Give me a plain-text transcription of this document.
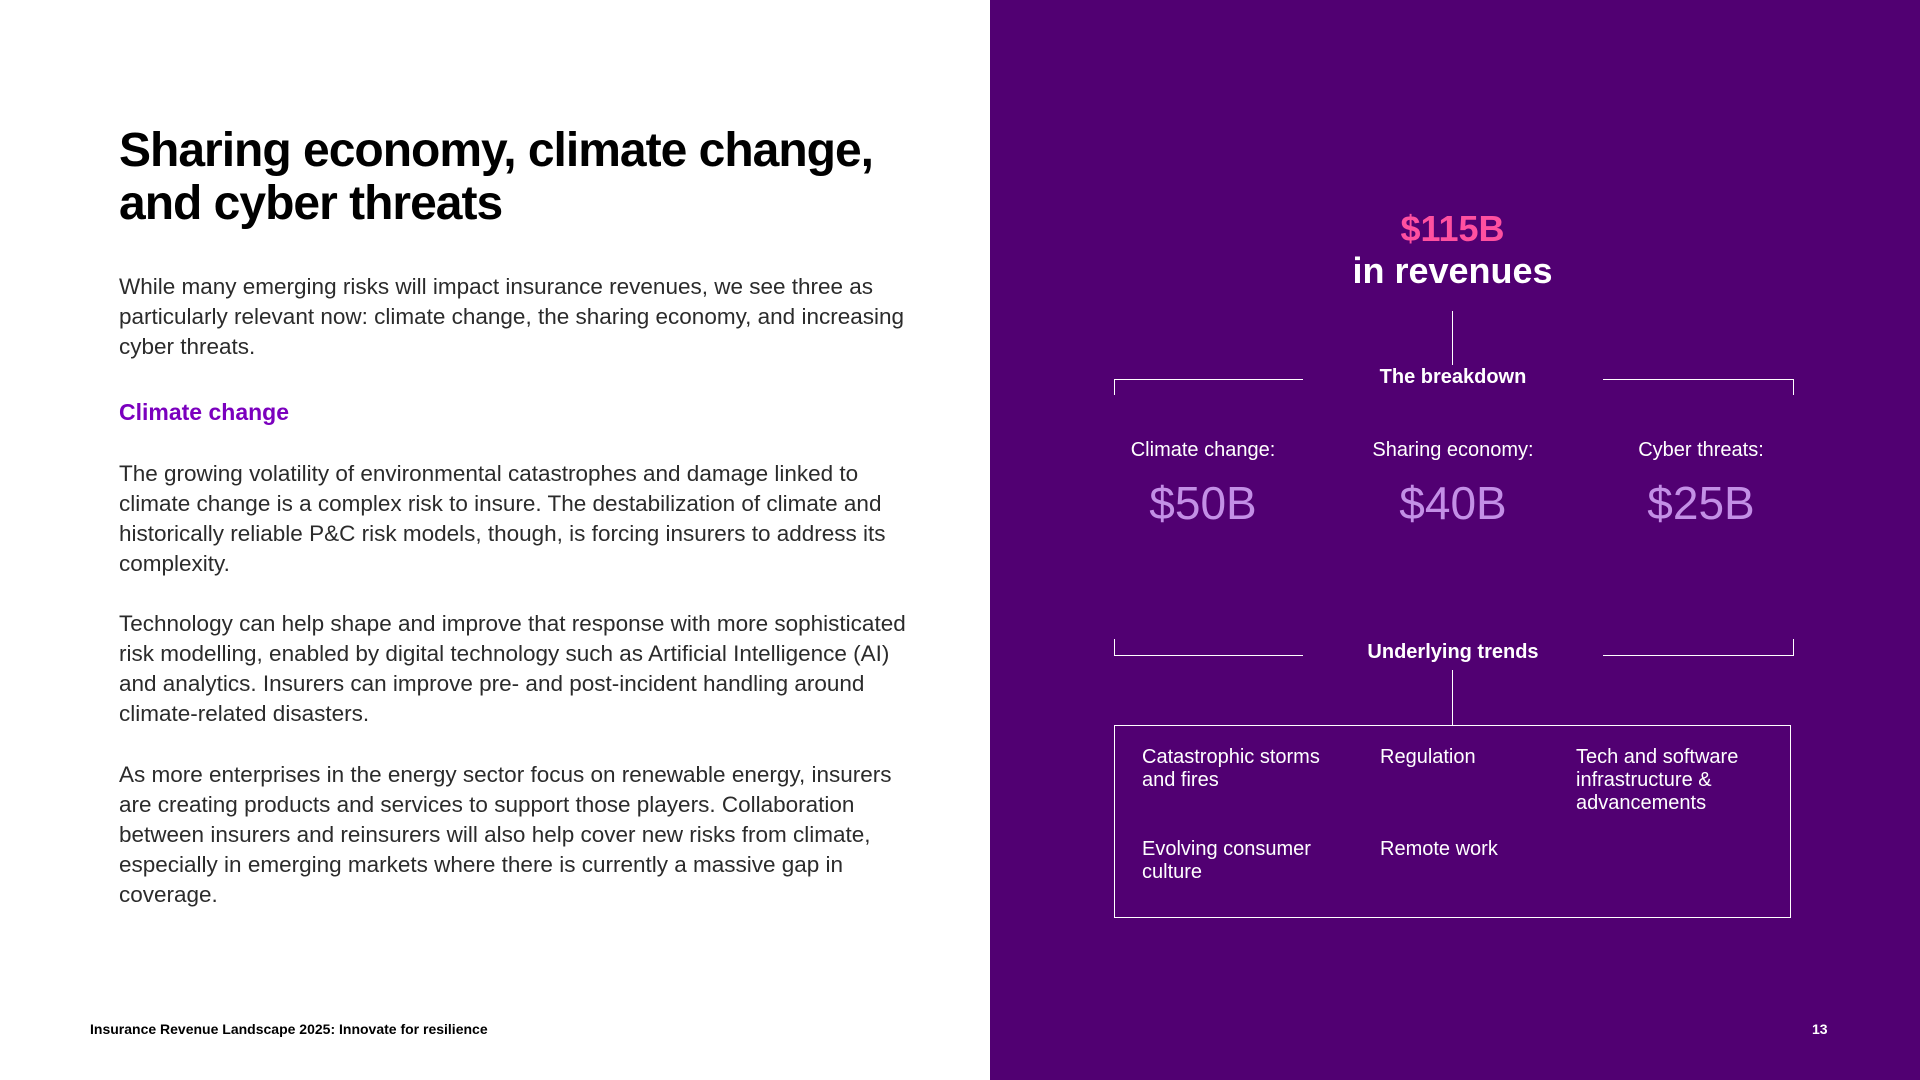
Sharing economy, climate change, and cyber threats

While many emerging risks will impact insurance revenues, we see three as particularly relevant now: climate change, the sharing economy, and increasing cyber threats.

Climate change

The growing volatility of environmental catastrophes and damage linked to climate change is a complex risk to insure. The destabilization of climate and historically reliable P&C risk models, though, is forcing insurers to address its complexity.

Technology can help shape and improve that response with more sophisticated risk modelling, enabled by digital technology such as Artificial Intelligence (AI) and analytics. Insurers can improve pre- and post-incident handling around climate-related disasters.

As more enterprises in the energy sector focus on renewable energy, insurers are creating products and services to support those players. Collaboration between insurers and reinsurers will also help cover new risks from climate, especially in emerging markets where there is currently a massive gap in coverage.

Insurance Revenue Landscape 2025: Innovate for resilience	13
$115B
in revenues
The breakdown
Climate change:
$50B
Sharing economy:
$40B
Cyber threats:
$25B
Underlying trends
Catastrophic storms and fires
Regulation	Tech and software infrastructure & advancements
Evolving consumer culture
Remote work
